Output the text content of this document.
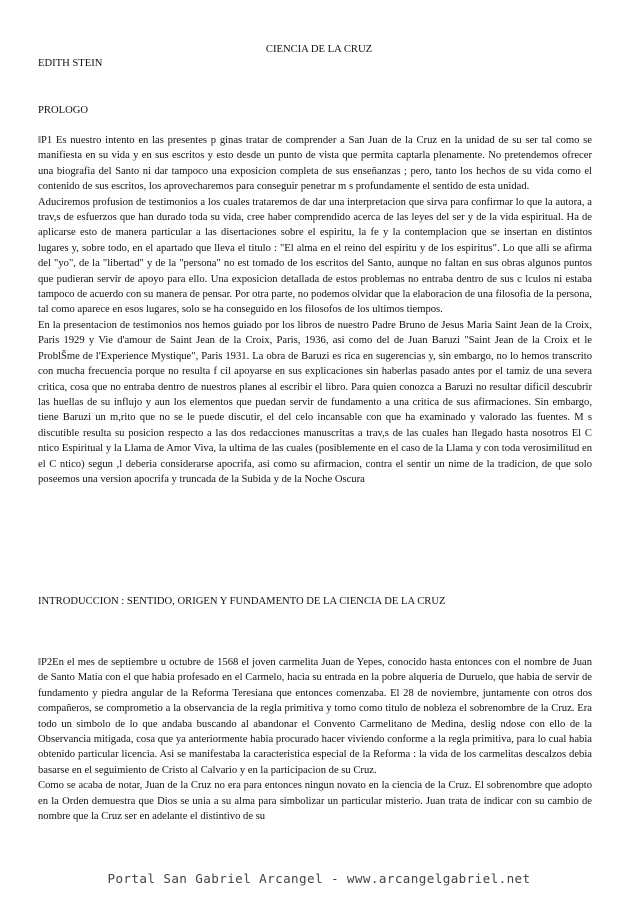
CIENCIA DE LA CRUZ
EDITH STEIN
PROLOGO

‖P1 Es nuestro intento en las presentes p ginas tratar de comprender a San Juan de la Cruz en la unidad de su ser tal como se manifiesta en su vida y en sus escritos y esto desde un punto de vista que permita captarla plenamente. No pretendemos ofrecer una biografia del Santo ni dar tampoco una exposicion completa de sus enseñanzas ; pero, tanto los hechos de su vida como el contenido de sus escritos, los aprovecharemos para conseguir penetrar m s profundamente el sentido de esta unidad.

Aduciremos profusion de testimonios a los cuales trataremos de dar una interpretacion que sirva para confirmar lo que la autora, a trav,s de esfuerzos que han durado toda su vida, cree haber comprendido acerca de las leyes del ser y de la vida espiritual. Ha de aplicarse esto de manera particular a las disertaciones sobre el espiritu, la fe y la contemplacion que se insertan en distintos lugares y, sobre todo, en el apartado que lleva el titulo : "El alma en el reino del espiritu y de los espiritus". Lo que alli se afirma del "yo", de la "libertad" y de la "persona" no est tomado de los escritos del Santo, aunque no faltan en sus obras algunos puntos que pudieran servir de apoyo para ello. Una exposicion detallada de estos problemas no entraba dentro de sus c lculos ni estaba tampoco de acuerdo con su manera de pensar. Por otra parte, no podemos olvidar que la elaboracion de una filosofia de la persona, tal como aparece en esos lugares, solo se ha conseguido en los filosofos de los ultimos tiempos.

En la presentacion de testimonios nos hemos guiado por los libros de nuestro Padre Bruno de Jesus Maria Saint Jean de la Croix, Paris 1929 y Vie d'amour de Saint Jean de la Croix, Paris, 1936, asi como del de Juan Baruzi "Saint Jean de la Croix et le ProblŠme de l'Experience Mystique", Paris 1931. La obra de Baruzi es rica en sugerencias y, sin embargo, no lo hemos transcrito con mucha frecuencia porque no resulta f cil apoyarse en sus explicaciones sin haberlas pasado antes por el tamiz de una severa critica, cosa que no entraba dentro de nuestros planes al escribir el libro. Para quien conozca a Baruzi no resultar dificil descubrir las huellas de su influjo y aun los elementos que puedan servir de fundamento a una critica de sus afirmaciones. Sin embargo, tiene Baruzi un m,rito que no se le puede discutir, el del celo incansable con que ha examinado y valorado las fuentes. M s discutible resulta su posicion respecto a las dos redacciones manuscritas a trav,s de las cuales han llegado hasta nosotros El C ntico Espiritual y la Llama de Amor Viva, la ultima de las cuales (posiblemente en el caso de la Llama y con toda verosimilitud en el C ntico) segun ,l deberia considerarse apocrifa, asi como su afirmacion, contra el sentir un nime de la tradicion, de que solo poseemos una version apocrifa y truncada de la Subida y de la Noche Oscura

INTRODUCCION : SENTIDO, ORIGEN Y FUNDAMENTO DE LA CIENCIA DE LA CRUZ

‖P2En el mes de septiembre u octubre de 1568 el joven carmelita Juan de Yepes, conocido hasta entonces con el nombre de Juan de Santo Matia con el que habia profesado en el Carmelo, hacia su entrada en la pobre alqueria de Duruelo, que habia de servir de fundamento y piedra angular de la Reforma Teresiana que entonces comenzaba. El 28 de noviembre, juntamente con otros dos compañeros, se comprometio a la observancia de la regla primitiva y tomo como titulo de nobleza el sobrenombre de la Cruz. Era todo un simbolo de lo que andaba buscando al abandonar el Convento Carmelitano de Medina, deslig ndose con ello de la Observancia mitigada, cosa que ya anteriormente habia procurado hacer viviendo conforme a la regla primitiva, para lo cual habia obtenido particular licencia. Asi se manifestaba la caracteristica especial de la Reforma : la vida de los carmelitas descalzos debia basarse en el seguimiento de Cristo al Calvario y en la participacion de su Cruz.

Como se acaba de notar, Juan de la Cruz no era para entonces ningun novato en la ciencia de la Cruz. El sobrenombre que adopto en la Orden demuestra que Dios se unia a su alma para simbolizar un particular misterio. Juan trata de indicar con su cambio de nombre que la Cruz ser en adelante el distintivo de su

Portal San Gabriel Arcangel - www.arcangelgabriel.net
